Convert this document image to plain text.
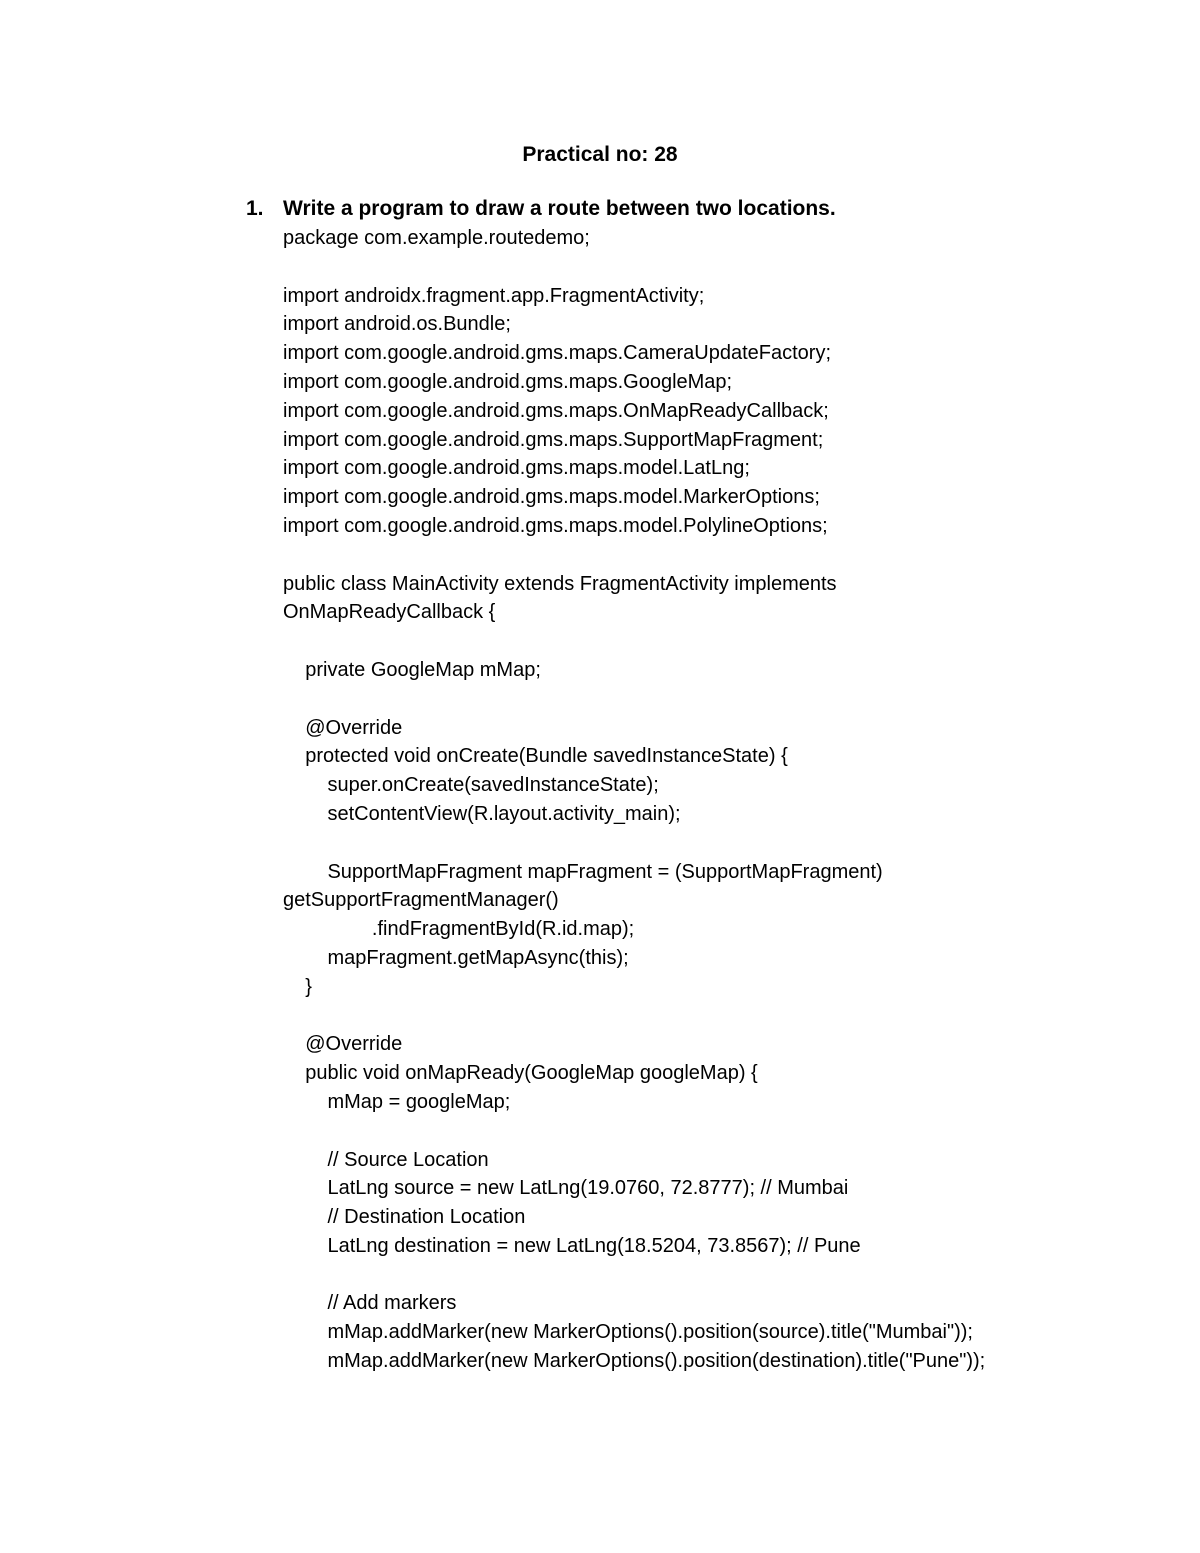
Practical no: 28
1. Write a program to draw a route between two locations.
package com.example.routedemo;
import androidx.fragment.app.FragmentActivity;
import android.os.Bundle;
import com.google.android.gms.maps.CameraUpdateFactory;
import com.google.android.gms.maps.GoogleMap;
import com.google.android.gms.maps.OnMapReadyCallback;
import com.google.android.gms.maps.SupportMapFragment;
import com.google.android.gms.maps.model.LatLng;
import com.google.android.gms.maps.model.MarkerOptions;
import com.google.android.gms.maps.model.PolylineOptions;
public class MainActivity extends FragmentActivity implements
OnMapReadyCallback {
private GoogleMap mMap;
@Override
protected void onCreate(Bundle savedInstanceState) {
super.onCreate(savedInstanceState);
setContentView(R.layout.activity_main);
SupportMapFragment mapFragment = (SupportMapFragment)
getSupportFragmentManager()
.findFragmentById(R.id.map);
mapFragment.getMapAsync(this);
}
@Override
public void onMapReady(GoogleMap googleMap) {
mMap = googleMap;
// Source Location
LatLng source = new LatLng(19.0760, 72.8777); // Mumbai
// Destination Location
LatLng destination = new LatLng(18.5204, 73.8567); // Pune
// Add markers
mMap.addMarker(new MarkerOptions().position(source).title("Mumbai"));
mMap.addMarker(new MarkerOptions().position(destination).title("Pune"));
